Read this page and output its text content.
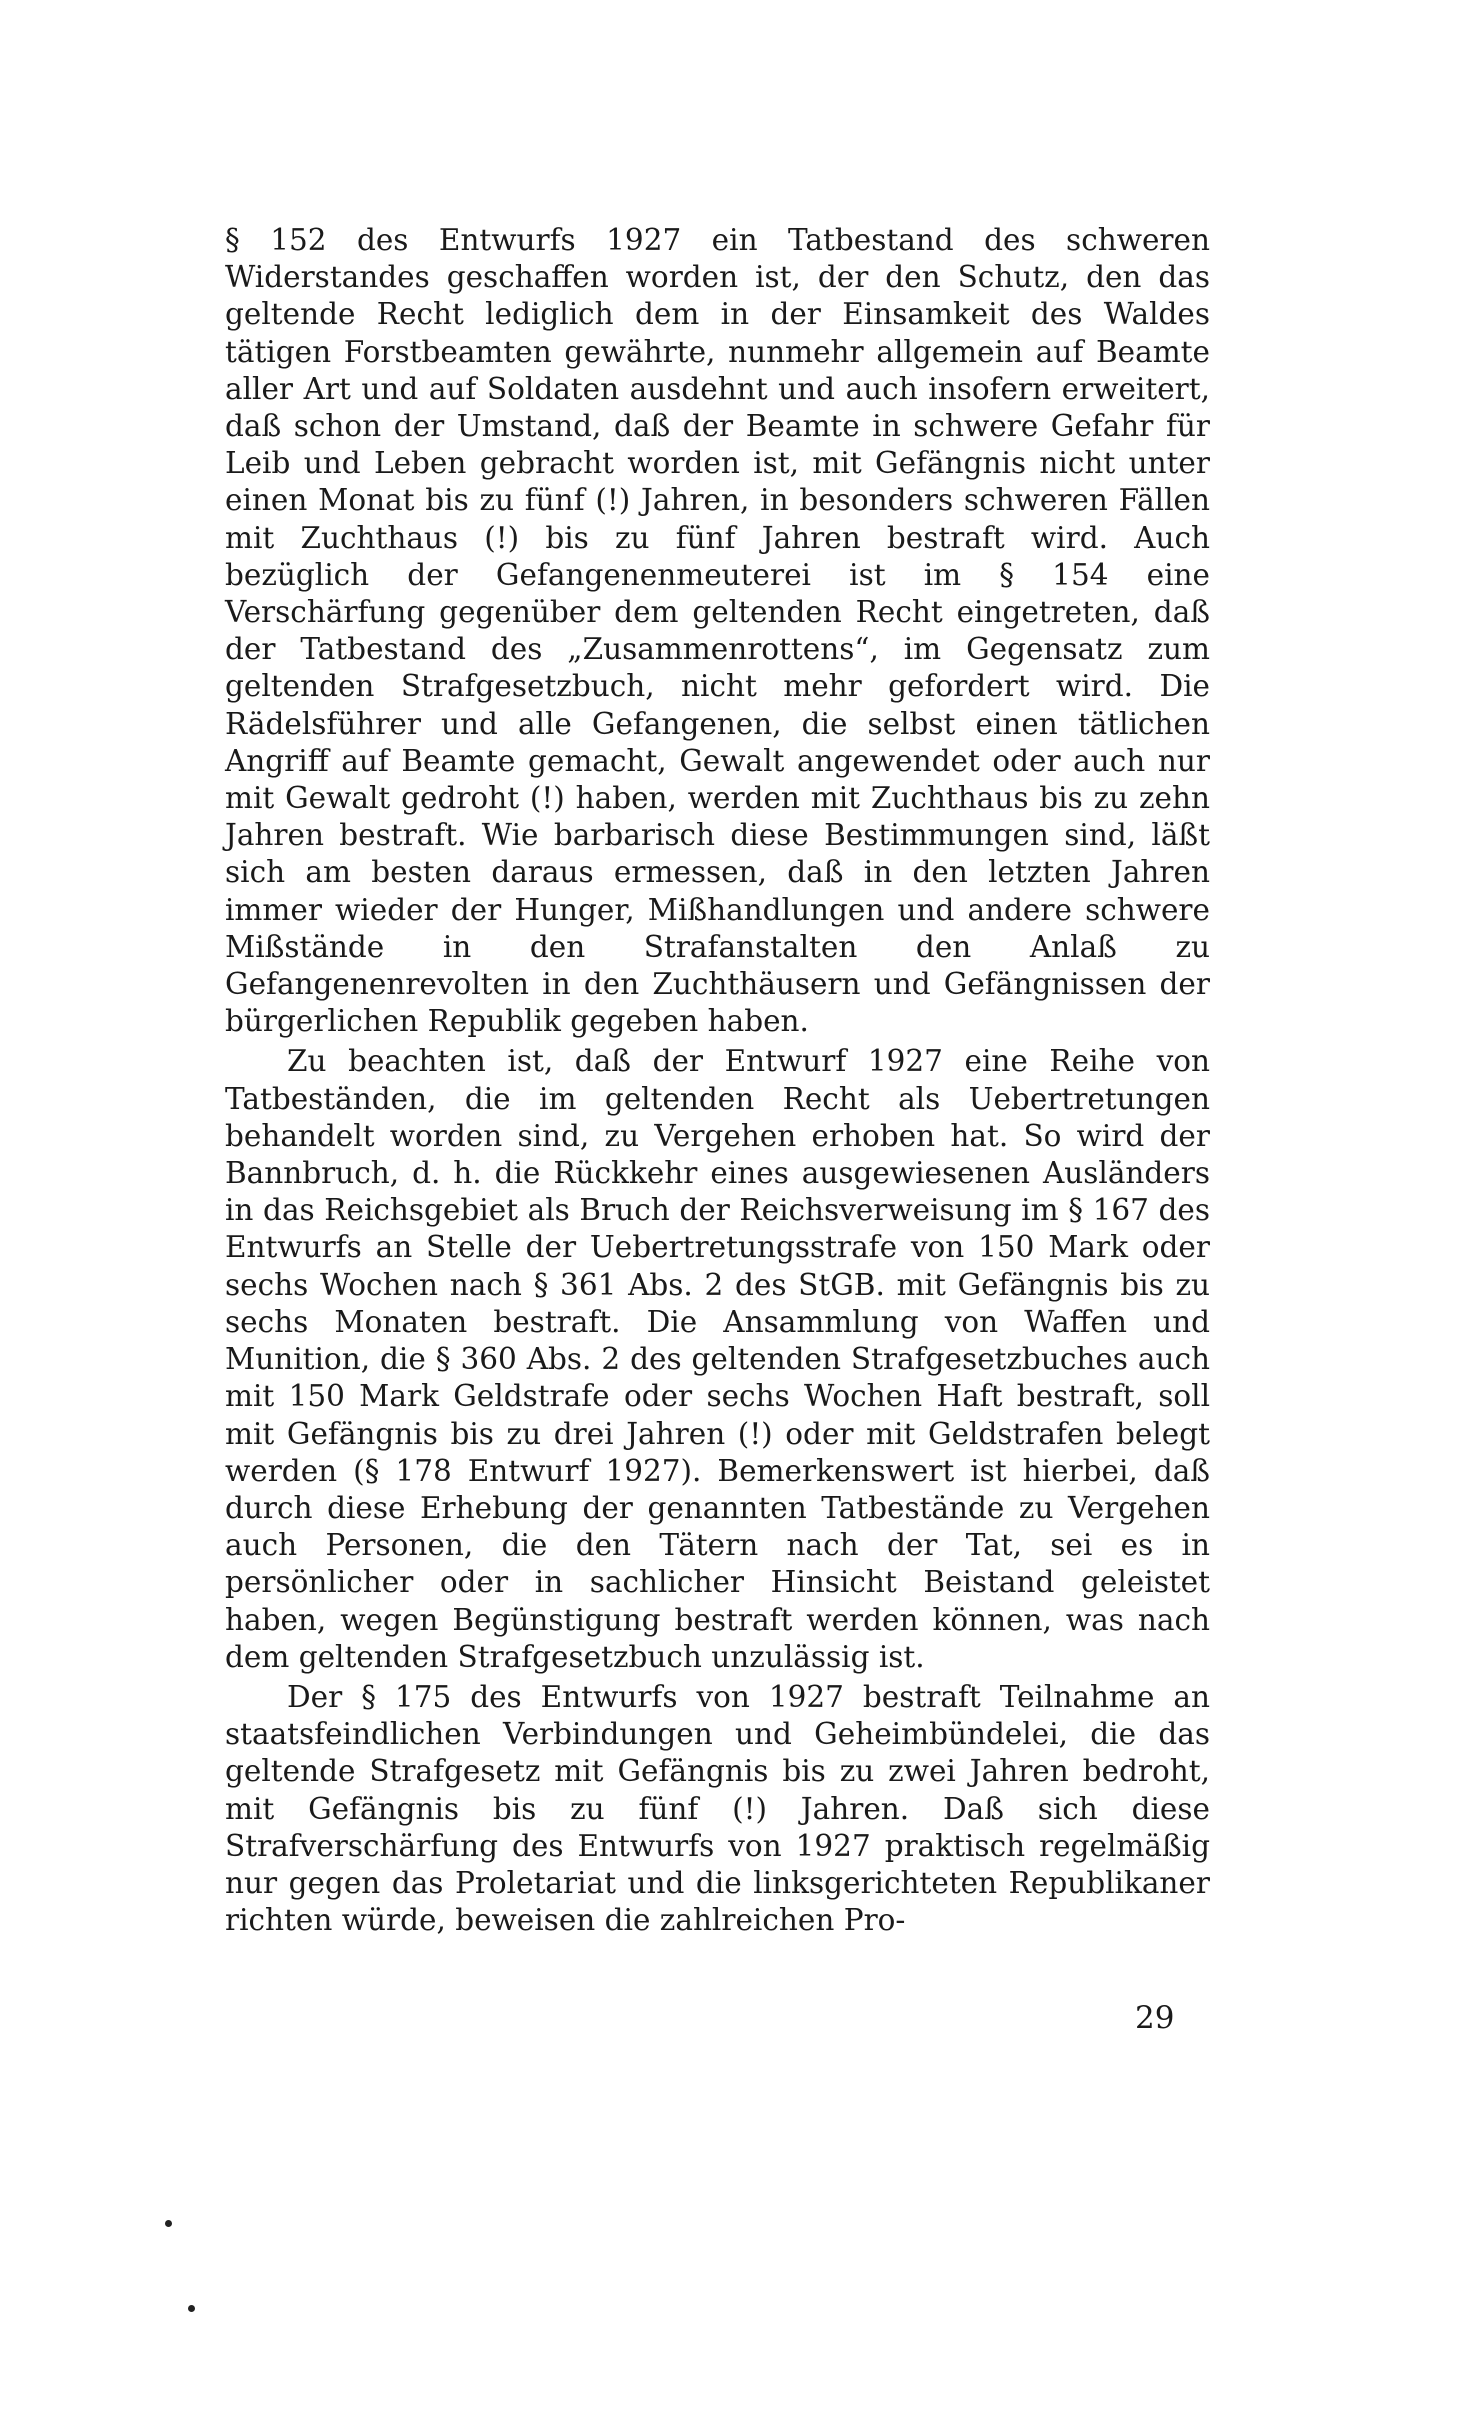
§ 152 des Entwurfs 1927 ein Tatbestand des schweren Widerstandes geschaffen worden ist, der den Schutz, den das geltende Recht lediglich dem in der Einsamkeit des Waldes tätigen Forstbeamten gewährte, nunmehr allgemein auf Beamte aller Art und auf Soldaten ausdehnt und auch insofern erweitert, daß schon der Umstand, daß der Beamte in schwere Gefahr für Leib und Leben gebracht worden ist, mit Gefängnis nicht unter einen Monat bis zu fünf (!) Jahren, in besonders schweren Fällen mit Zuchthaus (!) bis zu fünf Jahren bestraft wird. Auch bezüglich der Gefangenenmeuterei ist im § 154 eine Verschärfung gegenüber dem geltenden Recht eingetreten, daß der Tatbestand des „Zusammenrottens“, im Gegensatz zum geltenden Strafgesetzbuch, nicht mehr gefordert wird. Die Rädelsführer und alle Gefangenen, die selbst einen tätlichen Angriff auf Beamte gemacht, Gewalt angewendet oder auch nur mit Gewalt gedroht (!) haben, werden mit Zuchthaus bis zu zehn Jahren bestraft. Wie barbarisch diese Bestimmungen sind, läßt sich am besten daraus ermessen, daß in den letzten Jahren immer wieder der Hunger, Mißhandlungen und andere schwere Mißstände in den Strafanstalten den Anlaß zu Gefangenenrevolten in den Zuchthäusern und Gefängnissen der bürgerlichen Republik gegeben haben.

Zu beachten ist, daß der Entwurf 1927 eine Reihe von Tatbeständen, die im geltenden Recht als Uebertretungen behandelt worden sind, zu Vergehen erhoben hat. So wird der Bannbruch, d. h. die Rückkehr eines ausgewiesenen Ausländers in das Reichsgebiet als Bruch der Reichsverweisung im § 167 des Entwurfs an Stelle der Uebertretungsstrafe von 150 Mark oder sechs Wochen nach § 361 Abs. 2 des StGB. mit Gefängnis bis zu sechs Monaten bestraft. Die Ansammlung von Waffen und Munition, die § 360 Abs. 2 des geltenden Strafgesetzbuches auch mit 150 Mark Geldstrafe oder sechs Wochen Haft bestraft, soll mit Gefängnis bis zu drei Jahren (!) oder mit Geldstrafen belegt werden (§ 178 Entwurf 1927). Bemerkenswert ist hierbei, daß durch diese Erhebung der genannten Tatbestände zu Vergehen auch Personen, die den Tätern nach der Tat, sei es in persönlicher oder in sachlicher Hinsicht Beistand geleistet haben, wegen Begünstigung bestraft werden können, was nach dem geltenden Strafgesetzbuch unzulässig ist.

Der § 175 des Entwurfs von 1927 bestraft Teilnahme an staatsfeindlichen Verbindungen und Geheimbündelei, die das geltende Strafgesetz mit Gefängnis bis zu zwei Jahren bedroht, mit Gefängnis bis zu fünf (!) Jahren. Daß sich diese Strafverschärfung des Entwurfs von 1927 praktisch regelmäßig nur gegen das Proletariat und die linksgerichteten Republikaner richten würde, beweisen die zahlreichen Pro-

29
